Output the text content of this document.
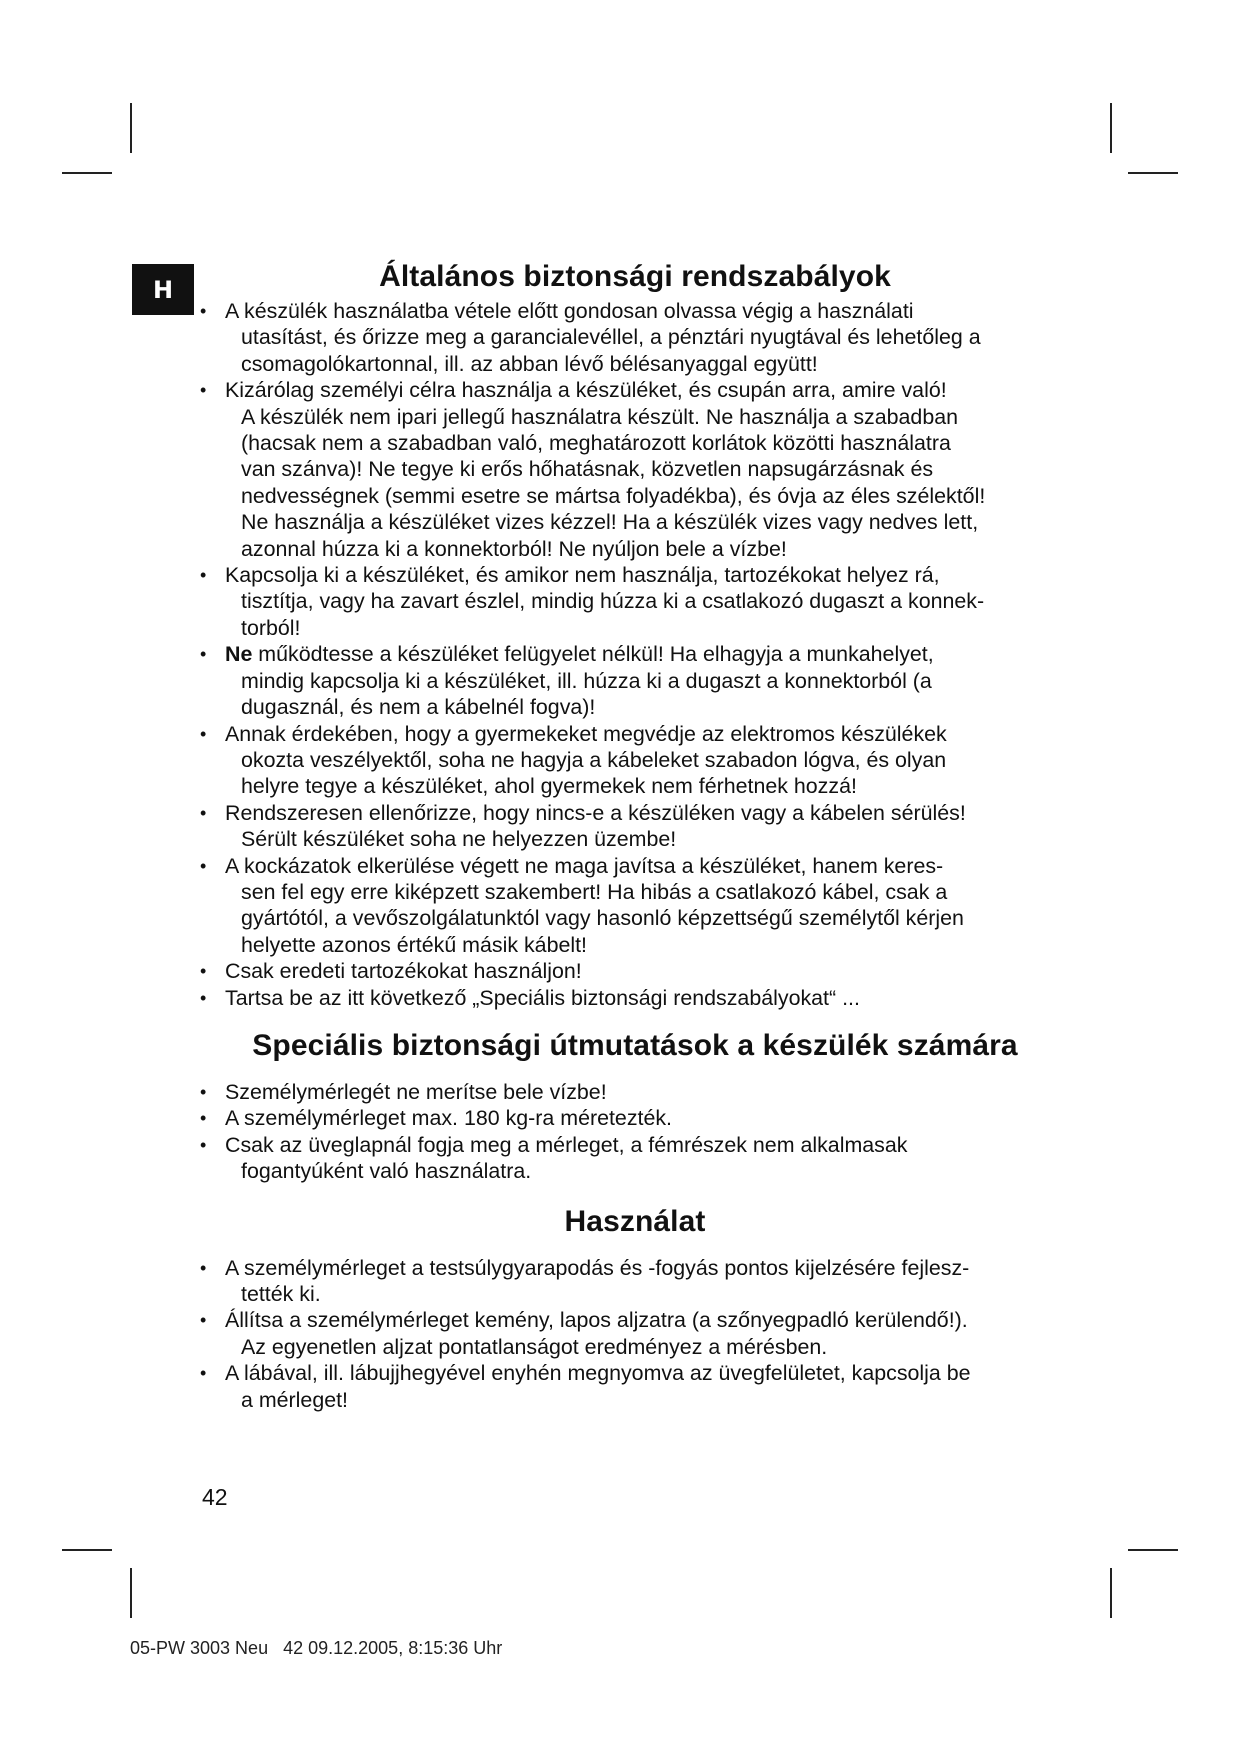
H	Általános biztonsági rendszabályok
• A készülék használatba vétele előtt gondosan olvassa végig a használati
utasítást, és őrizze meg a garancialevéllel, a pénztári nyugtával és lehetőleg a
csomagolókartonnal, ill. az abban lévő bélésanyaggal együtt!
• Kizárólag személyi célra használja a készüléket, és csupán arra, amire való!
A készülék nem ipari jellegű használatra készült. Ne használja a szabadban
(hacsak nem a szabadban való, meghatározott korlátok közötti használatra
van szánva)! Ne tegye ki erős hőhatásnak, közvetlen napsugárzásnak és
nedvességnek (semmi esetre se mártsa folyadékba), és óvja az éles szélektől!
Ne használja a készüléket vizes kézzel! Ha a készülék vizes vagy nedves lett,
azonnal húzza ki a konnektorból! Ne nyúljon bele a vízbe!
• Kapcsolja ki a készüléket, és amikor nem használja, tartozékokat helyez rá,
tisztítja, vagy ha zavart észlel, mindig húzza ki a csatlakozó dugaszt a konnek-
torból!
• Ne működtesse a készüléket felügyelet nélkül! Ha elhagyja a munkahelyet,
mindig kapcsolja ki a készüléket, ill. húzza ki a dugaszt a konnektorból (a
dugasznál, és nem a kábelnél fogva)!
• Annak érdekében, hogy a gyermekeket megvédje az elektromos készülékek
okozta veszélyektől, soha ne hagyja a kábeleket szabadon lógva, és olyan
helyre tegye a készüléket, ahol gyermekek nem férhetnek hozzá!
• Rendszeresen ellenőrizze, hogy nincs-e a készüléken vagy a kábelen sérülés!
Sérült készüléket soha ne helyezzen üzembe!
• A kockázatok elkerülése végett ne maga javítsa a készüléket, hanem keres-
sen fel egy erre kiképzett szakembert! Ha hibás a csatlakozó kábel, csak a
gyártótól, a vevőszolgálatunktól vagy hasonló képzettségű személytől kérjen
helyette azonos értékű másik kábelt!
• Csak eredeti tartozékokat használjon!
• Tartsa be az itt következő „Speciális biztonsági rendszabályokat“ ...
Speciális biztonsági útmutatások a készülék számára
• Személymérlegét ne merítse bele vízbe!
• A személymérleget max. 180 kg-ra méretezték.
• Csak az üveglapnál fogja meg a mérleget, a fémrészek nem alkalmasak
fogantyúként való használatra.
Használat
• A személymérleget a testsúlygyarapodás és -fogyás pontos kijelzésére fejlesz-
tették ki.
• Állítsa a személymérleget kemény, lapos aljzatra (a szőnyegpadló kerülendő!).
Az egyenetlen aljzat pontatlanságot eredményez a mérésben.
• A lábával, ill. lábujjhegyével enyhén megnyomva az üvegfelületet, kapcsolja be
a mérleget!
42
05-PW 3003 Neu   42 09.12.2005, 8:15:36 Uhr
